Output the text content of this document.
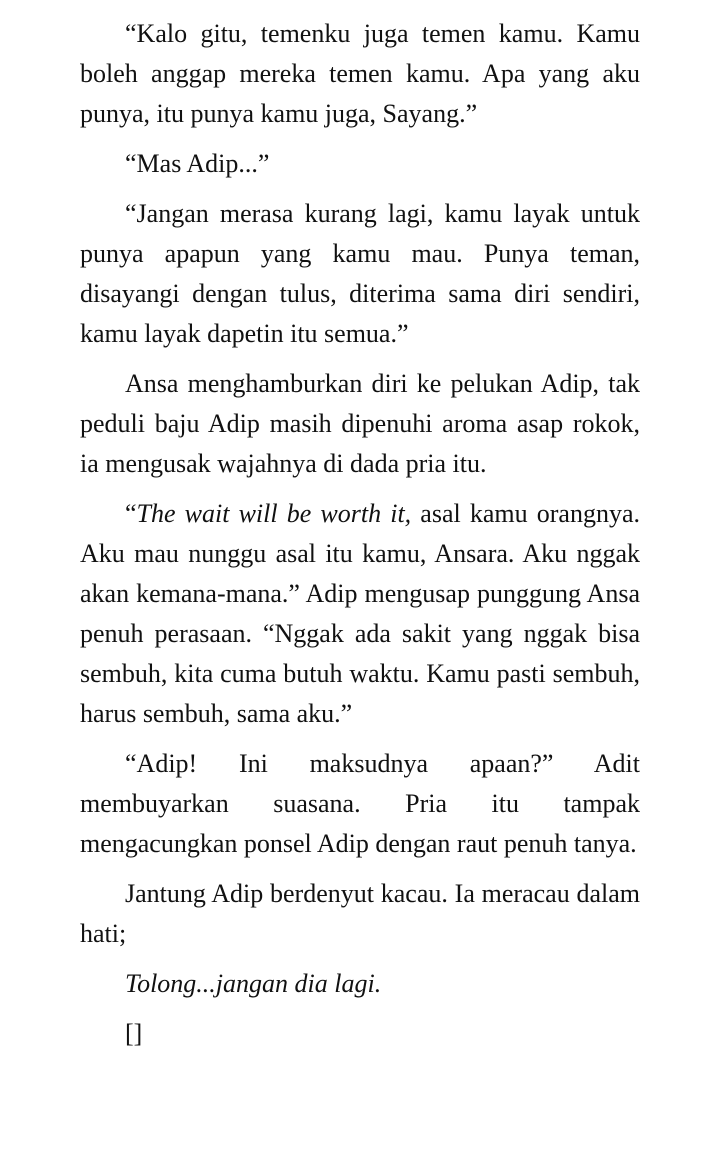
“Kalo gitu, temenku juga temen kamu. Kamu boleh anggap mereka temen kamu. Apa yang aku punya, itu punya kamu juga, Sayang.”

“Mas Adip...”

“Jangan merasa kurang lagi, kamu layak untuk punya apapun yang kamu mau. Punya teman, disayangi dengan tulus, diterima sama diri sendiri, kamu layak dapetin itu semua.”

Ansa menghamburkan diri ke pelukan Adip, tak peduli baju Adip masih dipenuhi aroma asap rokok, ia mengusak wajahnya di dada pria itu.

“The wait will be worth it, asal kamu orangnya. Aku mau nunggu asal itu kamu, Ansara. Aku nggak akan kemana-mana.” Adip mengusap punggung Ansa penuh perasaan. “Nggak ada sakit yang nggak bisa sembuh, kita cuma butuh waktu. Kamu pasti sembuh, harus sembuh, sama aku.”

“Adip! Ini maksudnya apaan?” Adit membuyarkan suasana. Pria itu tampak mengacungkan ponsel Adip dengan raut penuh tanya.

Jantung Adip berdenyut kacau. Ia meracau dalam hati;

Tolong...jangan dia lagi.

[]
